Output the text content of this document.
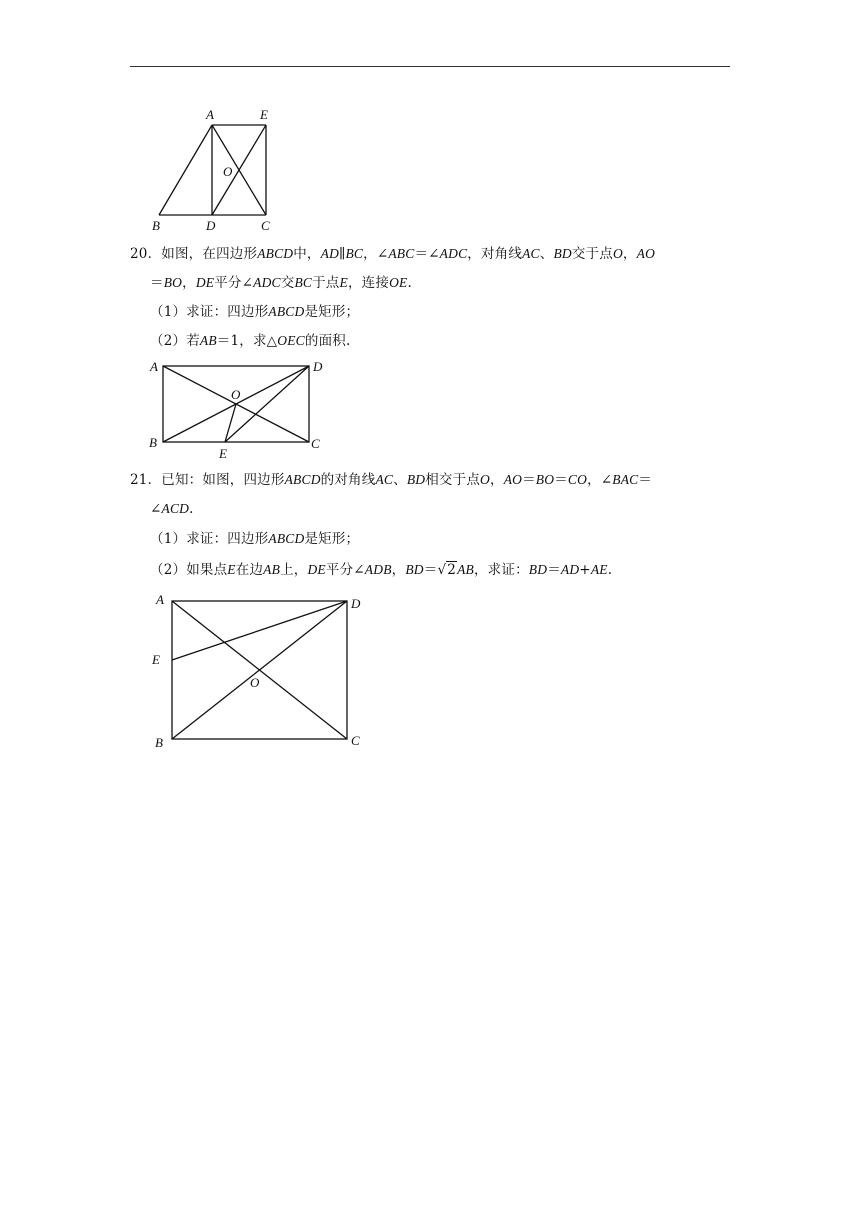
A	E
O
B	D	C
20．如图，在四边形ABCD中，AD∥BC，∠ABC＝∠ADC，对角线AC、BD交于点O，AO
＝BO，DE平分∠ADC交BC于点E，连接OE.
（1）求证：四边形ABCD是矩形；
（2）若AB＝1，求△OEC的面积.
A	D
O
B
E
C
21．已知：如图，四边形ABCD的对角线AC、BD相交于点O，AO＝BO＝CO，∠BAC＝
∠ACD.
（1）求证：四边形ABCD是矩形；
（2）如果点E在边AB上，DE平分∠ADB，BD＝√2AB，求证：BD＝AD+AE.
A	D
E
O
B	C
